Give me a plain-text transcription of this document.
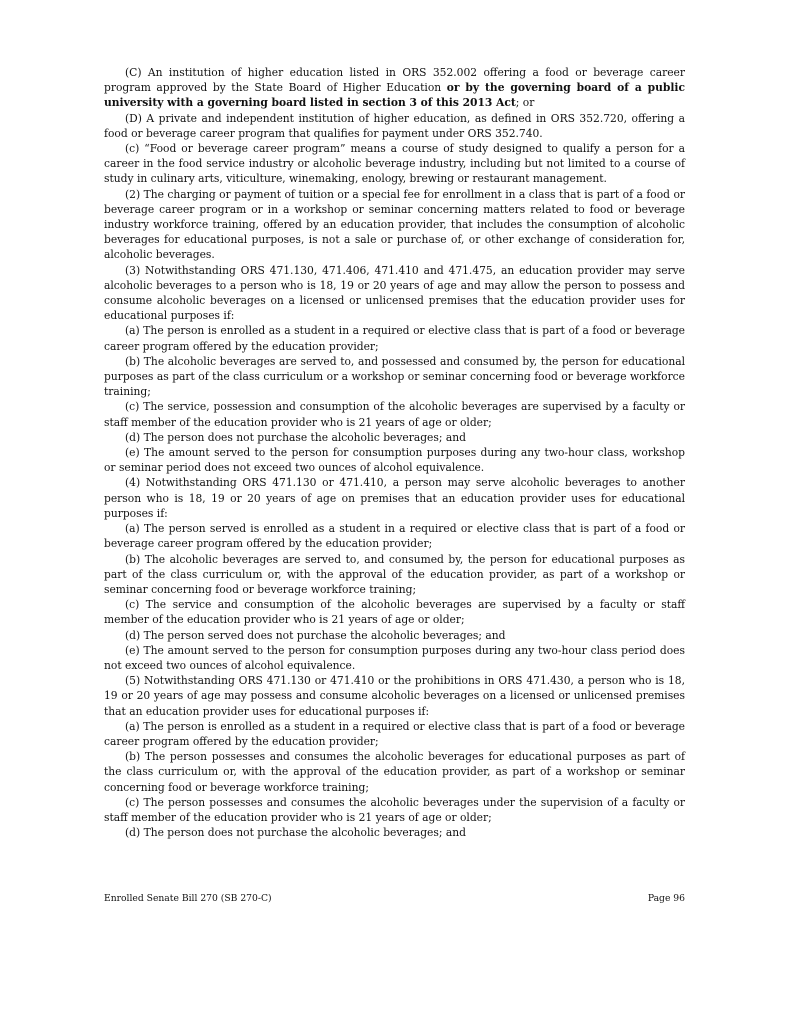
(C) An institution of higher education listed in ORS 352.002 offering a food or beverage career program approved by the State Board of Higher Education or by the governing board of a public university with a governing board listed in section 3 of this 2013 Act; or

(D) A private and independent institution of higher education, as defined in ORS 352.720, offering a food or beverage career program that qualifies for payment under ORS 352.740.

(c) “Food or beverage career program” means a course of study designed to qualify a person for a career in the food service industry or alcoholic beverage industry, including but not limited to a course of study in culinary arts, viticulture, winemaking, enology, brewing or restaurant management.

(2) The charging or payment of tuition or a special fee for enrollment in a class that is part of a food or beverage career program or in a workshop or seminar concerning matters related to food or beverage industry workforce training, offered by an education provider, that includes the consumption of alcoholic beverages for educational purposes, is not a sale or purchase of, or other exchange of consideration for, alcoholic beverages.

(3) Notwithstanding ORS 471.130, 471.406, 471.410 and 471.475, an education provider may serve alcoholic beverages to a person who is 18, 19 or 20 years of age and may allow the person to possess and consume alcoholic beverages on a licensed or unlicensed premises that the education provider uses for educational purposes if:

(a) The person is enrolled as a student in a required or elective class that is part of a food or beverage career program offered by the education provider;

(b) The alcoholic beverages are served to, and possessed and consumed by, the person for educational purposes as part of the class curriculum or a workshop or seminar concerning food or beverage workforce training;

(c) The service, possession and consumption of the alcoholic beverages are supervised by a faculty or staff member of the education provider who is 21 years of age or older;

(d) The person does not purchase the alcoholic beverages; and

(e) The amount served to the person for consumption purposes during any two-hour class, workshop or seminar period does not exceed two ounces of alcohol equivalence.

(4) Notwithstanding ORS 471.130 or 471.410, a person may serve alcoholic beverages to another person who is 18, 19 or 20 years of age on premises that an education provider uses for educational purposes if:

(a) The person served is enrolled as a student in a required or elective class that is part of a food or beverage career program offered by the education provider;

(b) The alcoholic beverages are served to, and consumed by, the person for educational purposes as part of the class curriculum or, with the approval of the education provider, as part of a workshop or seminar concerning food or beverage workforce training;

(c) The service and consumption of the alcoholic beverages are supervised by a faculty or staff member of the education provider who is 21 years of age or older;

(d) The person served does not purchase the alcoholic beverages; and

(e) The amount served to the person for consumption purposes during any two-hour class period does not exceed two ounces of alcohol equivalence.

(5) Notwithstanding ORS 471.130 or 471.410 or the prohibitions in ORS 471.430, a person who is 18, 19 or 20 years of age may possess and consume alcoholic beverages on a licensed or unlicensed premises that an education provider uses for educational purposes if:

(a) The person is enrolled as a student in a required or elective class that is part of a food or beverage career program offered by the education provider;

(b) The person possesses and consumes the alcoholic beverages for educational purposes as part of the class curriculum or, with the approval of the education provider, as part of a workshop or seminar concerning food or beverage workforce training;

(c) The person possesses and consumes the alcoholic beverages under the supervision of a faculty or staff member of the education provider who is 21 years of age or older;

(d) The person does not purchase the alcoholic beverages; and

Enrolled Senate Bill 270 (SB 270-C)	Page 96
